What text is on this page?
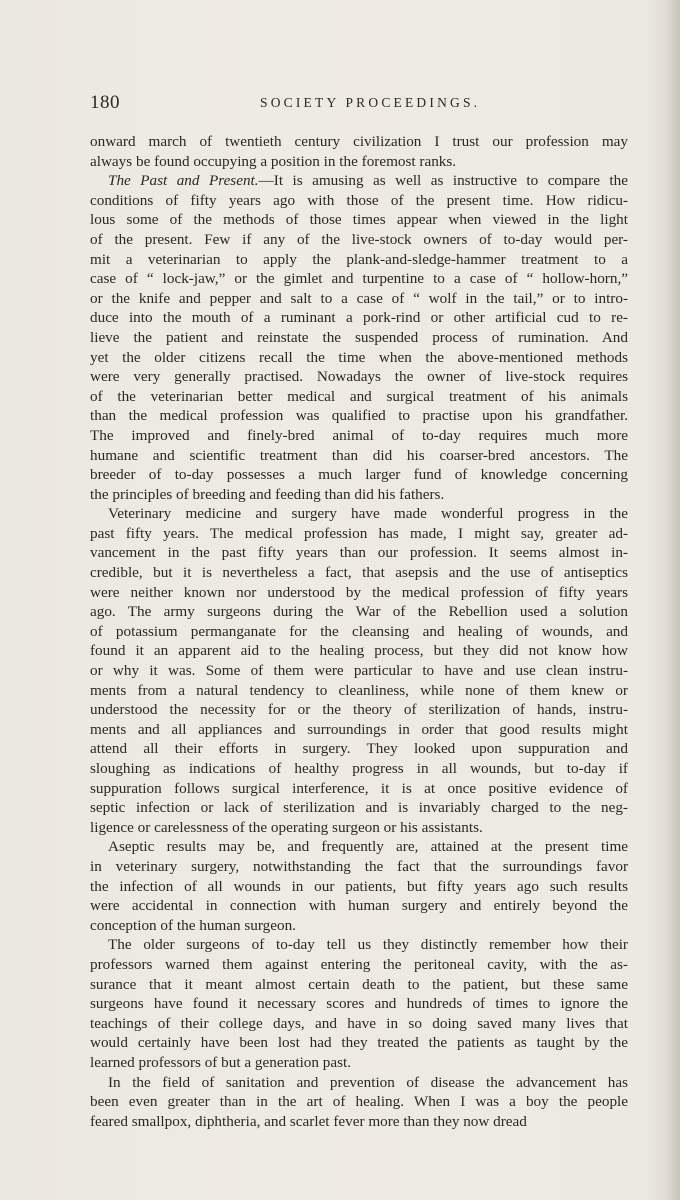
180	SOCIETY PROCEEDINGS.
onward march of twentieth century civilization I trust our profession may
always be found occupying a position in the foremost ranks.
The Past and Present.—It is amusing as well as instructive to compare the
conditions of fifty years ago with those of the present time. How ridicu-
lous some of the methods of those times appear when viewed in the light
of the present. Few if any of the live-stock owners of to-day would per-
mit a veterinarian to apply the plank-and-sledge-hammer treatment to a
case of “ lock-jaw,” or the gimlet and turpentine to a case of “ hollow-horn,”
or the knife and pepper and salt to a case of “ wolf in the tail,” or to intro-
duce into the mouth of a ruminant a pork-rind or other artificial cud to re-
lieve the patient and reinstate the suspended process of rumination. And
yet the older citizens recall the time when the above-mentioned methods
were very generally practised. Nowadays the owner of live-stock requires
of the veterinarian better medical and surgical treatment of his animals
than the medical profession was qualified to practise upon his grandfather.
The improved and finely-bred animal of to-day requires much more
humane and scientific treatment than did his coarser-bred ancestors. The
breeder of to-day possesses a much larger fund of knowledge concerning
the principles of breeding and feeding than did his fathers.
Veterinary medicine and surgery have made wonderful progress in the
past fifty years. The medical profession has made, I might say, greater ad-
vancement in the past fifty years than our profession. It seems almost in-
credible, but it is nevertheless a fact, that asepsis and the use of antiseptics
were neither known nor understood by the medical profession of fifty years
ago. The army surgeons during the War of the Rebellion used a solution
of potassium permanganate for the cleansing and healing of wounds, and
found it an apparent aid to the healing process, but they did not know how
or why it was. Some of them were particular to have and use clean instru-
ments from a natural tendency to cleanliness, while none of them knew or
understood the necessity for or the theory of sterilization of hands, instru-
ments and all appliances and surroundings in order that good results might
attend all their efforts in surgery. They looked upon suppuration and
sloughing as indications of healthy progress in all wounds, but to-day if
suppuration follows surgical interference, it is at once positive evidence of
septic infection or lack of sterilization and is invariably charged to the neg-
ligence or carelessness of the operating surgeon or his assistants.
Aseptic results may be, and frequently are, attained at the present time
in veterinary surgery, notwithstanding the fact that the surroundings favor
the infection of all wounds in our patients, but fifty years ago such results
were accidental in connection with human surgery and entirely beyond the
conception of the human surgeon.
The older surgeons of to-day tell us they distinctly remember how their
professors warned them against entering the peritoneal cavity, with the as-
surance that it meant almost certain death to the patient, but these same
surgeons have found it necessary scores and hundreds of times to ignore the
teachings of their college days, and have in so doing saved many lives that
would certainly have been lost had they treated the patients as taught by the
learned professors of but a generation past.
In the field of sanitation and prevention of disease the advancement has
been even greater than in the art of healing. When I was a boy the people
feared smallpox, diphtheria, and scarlet fever more than they now dread
